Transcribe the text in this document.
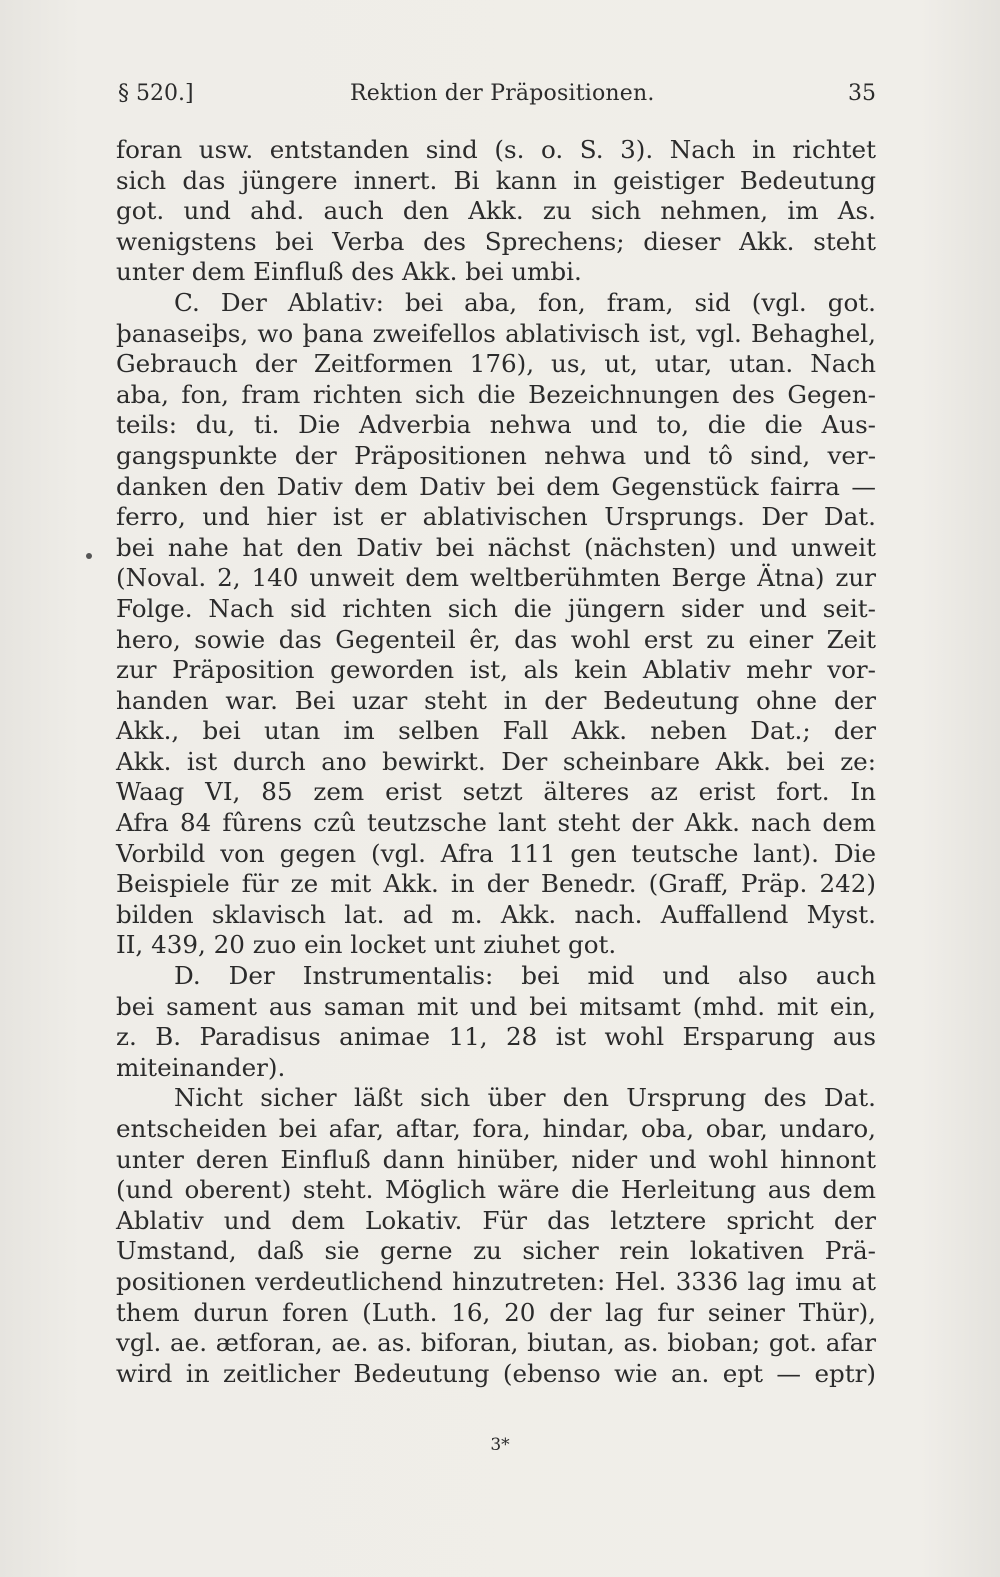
§ 520.]	Rektion der Präpositionen.	35
foran usw. entstanden sind (s. o. S. 3). Nach in richtet
sich das jüngere innert. Bi kann in geistiger Bedeutung
got. und ahd. auch den Akk. zu sich nehmen, im As.
wenigstens bei Verba des Sprechens; dieser Akk. steht
unter dem Einfluß des Akk. bei umbi.
C. Der Ablativ: bei aba, fon, fram, sid (vgl. got.
þanaseiþs, wo þana zweifellos ablativisch ist, vgl. Behaghel,
Gebrauch der Zeitformen 176), us, ut, utar, utan. Nach
aba, fon, fram richten sich die Bezeichnungen des Gegen-
teils: du, ti. Die Adverbia nehwa und to, die die Aus-
gangspunkte der Präpositionen nehwa und tô sind, ver-
danken den Dativ dem Dativ bei dem Gegenstück fairra —
ferro, und hier ist er ablativischen Ursprungs. Der Dat.
bei nahe hat den Dativ bei nächst (nächsten) und unweit
(Noval. 2, 140 unweit dem weltberühmten Berge Ätna) zur
Folge. Nach sid richten sich die jüngern sider und seit-
hero, sowie das Gegenteil êr, das wohl erst zu einer Zeit
zur Präposition geworden ist, als kein Ablativ mehr vor-
handen war. Bei uzar steht in der Bedeutung ohne der
Akk., bei utan im selben Fall Akk. neben Dat.; der
Akk. ist durch ano bewirkt. Der scheinbare Akk. bei ze:
Waag VI, 85 zem erist setzt älteres az erist fort. In
Afra 84 fûrens czû teutzsche lant steht der Akk. nach dem
Vorbild von gegen (vgl. Afra 111 gen teutsche lant). Die
Beispiele für ze mit Akk. in der Benedr. (Graff, Präp. 242)
bilden sklavisch lat. ad m. Akk. nach. Auffallend Myst.
II, 439, 20 zuo ein locket unt ziuhet got.
D. Der Instrumentalis: bei mid und also auch
bei sament aus saman mit und bei mitsamt (mhd. mit ein,
z. B. Paradisus animae 11, 28 ist wohl Ersparung aus
miteinander).
Nicht sicher läßt sich über den Ursprung des Dat.
entscheiden bei afar, aftar, fora, hindar, oba, obar, undaro,
unter deren Einfluß dann hinüber, nider und wohl hinnont
(und oberent) steht. Möglich wäre die Herleitung aus dem
Ablativ und dem Lokativ. Für das letztere spricht der
Umstand, daß sie gerne zu sicher rein lokativen Prä-
positionen verdeutlichend hinzutreten: Hel. 3336 lag imu at
them durun foren (Luth. 16, 20 der lag fur seiner Thür),
vgl. ae. ætforan, ae. as. biforan, biutan, as. bioban; got. afar
wird in zeitlicher Bedeutung (ebenso wie an. ept — eptr)
3*
